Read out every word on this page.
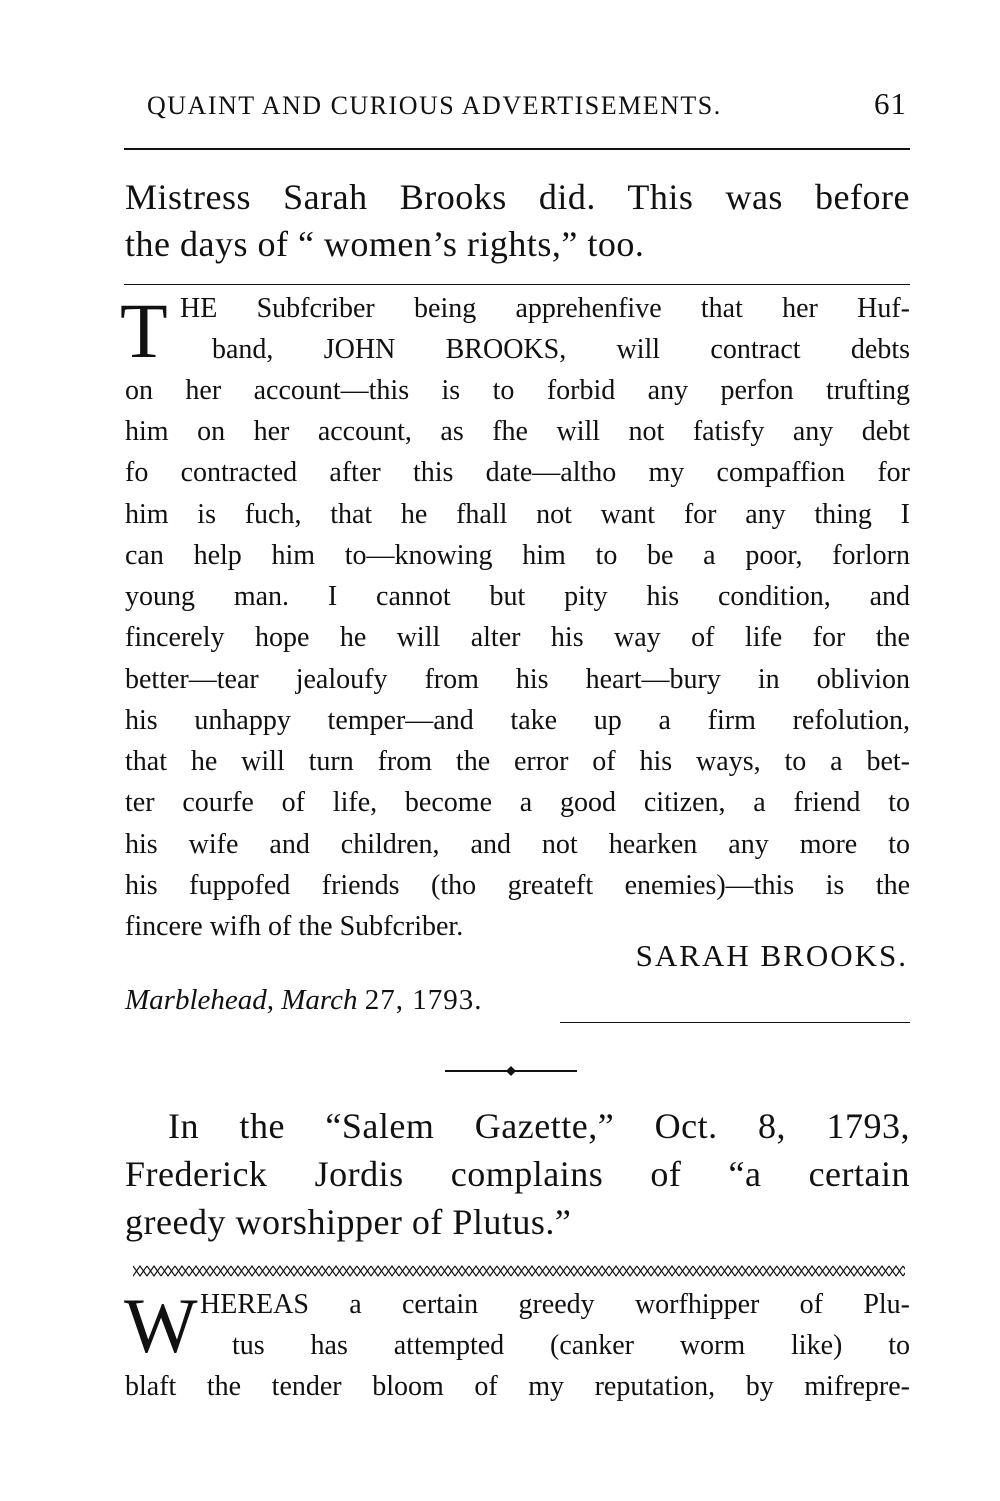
QUAINT AND CURIOUS ADVERTISEMENTS.	61

Mistress Sarah Brooks did. This was before

the days of “ women’s rights,” too.

T HE Subfcriber being apprehenfive that her Huf-

band, JOHN BROOKS, will contract debts

on her account—this is to forbid any perfon trufting

him on her account, as fhe will not fatisfy any debt

fo contracted after this date—altho my compaffion for

him is fuch, that he fhall not want for any thing I

can help him to—knowing him to be a poor, forlorn

young man. I cannot but pity his condition, and

fincerely hope he will alter his way of life for the

better—tear jealoufy from his heart—bury in oblivion

his unhappy temper—and take up a firm refolution,

that he will turn from the error of his ways, to a bet-

ter courfe of life, become a good citizen, a friend to

his wife and children, and not hearken any more to

his fuppofed friends (tho greateft enemies)—this is the

fincere wifh of the Subfcriber.

SARAH BROOKS.
Marblehead, March 27, 1793.

In the “Salem Gazette,” Oct. 8, 1793,

Frederick Jordis complains of “a certain

greedy worshipper of Plutus.”

W HEREAS a certain greedy worfhipper of Plu-

tus has attempted (canker worm like) to

blaft the tender bloom of my reputation, by mifrepre-
